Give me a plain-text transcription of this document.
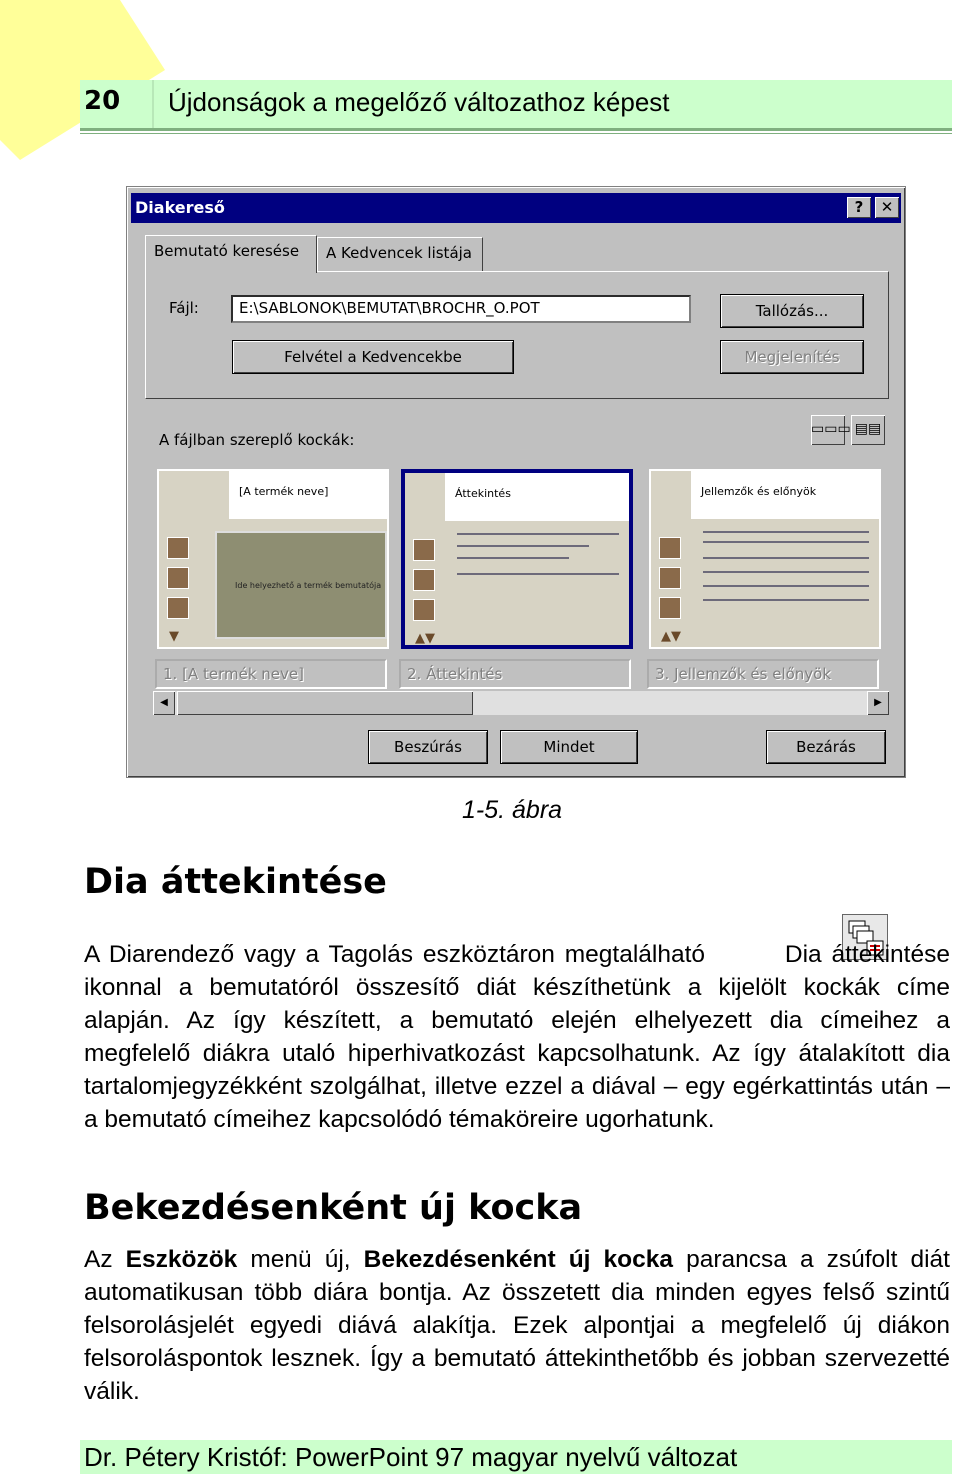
20 Újdonságok a megelőző változathoz képest
Diakereső	?	✕
Bemutató keresése	A Kedvencek listája
Fájl:	E:\SABLONOK\BEMUTAT\BROCHR_O.POT	Tallózás...
Felvétel a Kedvencekbe	Megjelenítés
A fájlban szereplő kockák:
▭▭▭ ▤▤
[A termék neve]
▼
Ide helyezhető a termék bemutatója
Áttekintés
▲▼
Jellemzők és előnyök
▲▼
1. [A termék neve]	2. Áttekintés	3. Jellemzők és előnyök
◀	▶
Beszúrás	Mindet	Bezárás
1-5. ábra
Dia áttekintése

A Diarendező vagy a Tagolás eszköztáron megtalálható	Dia áttekintése ikonnal a bemutatóról összesítő diát készíthetünk a kijelölt kockák címe alapján. Az így készített, a bemutató elején elhelyezett dia címeihez a megfelelő diákra utaló hiperhivatkozást kapcsolhatunk. Az így átalakított dia tartalomjegyzékként szolgálhat, illetve ezzel a diával – egy egérkattintás után – a bemutató címeihez kapcsolódó témaköreire ugorhatunk.

Bekezdésenként új kocka

Az Eszközök menü új, Bekezdésenként új kocka parancsa a zsúfolt diát automatikusan több diára bontja. Az összetett dia minden egyes felső szintű felsorolásjelét egyedi diává alakítja. Ezek alpontjai a megfelelő új diákon felsoroláspontok lesznek. Így a bemutató áttekinthetőbb és jobban szervezetté válik.

Dr. Pétery Kristóf: PowerPoint 97 magyar nyelvű változat
